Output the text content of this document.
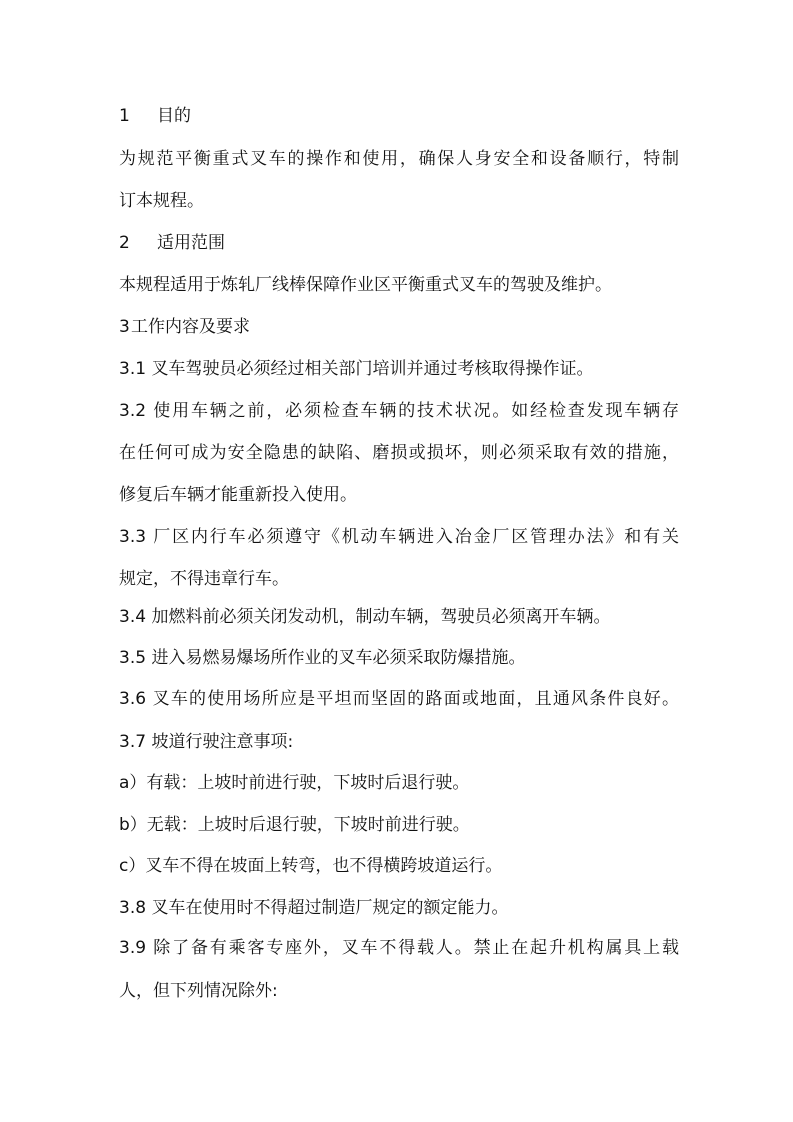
1 目的
为规范平衡重式叉车的操作和使用，确保人身安全和设备顺行，特制
订本规程。
2 适用范围
本规程适用于炼轧厂线棒保障作业区平衡重式叉车的驾驶及维护。
3工作内容及要求
3.1 叉车驾驶员必须经过相关部门培训并通过考核取得操作证。
3.2 使用车辆之前，必须检查车辆的技术状况。如经检查发现车辆存
在任何可成为安全隐患的缺陷、磨损或损坏，则必须采取有效的措施，
修复后车辆才能重新投入使用。
3.3 厂区内行车必须遵守《机动车辆进入冶金厂区管理办法》和有关
规定，不得违章行车。
3.4 加燃料前必须关闭发动机，制动车辆，驾驶员必须离开车辆。
3.5 进入易燃易爆场所作业的叉车必须采取防爆措施。
3.6 叉车的使用场所应是平坦而坚固的路面或地面，且通风条件良好。
3.7 坡道行驶注意事项:
a）有载：上坡时前进行驶，下坡时后退行驶。
b）无载：上坡时后退行驶，下坡时前进行驶。
c）叉车不得在坡面上转弯，也不得横跨坡道运行。
3.8 叉车在使用时不得超过制造厂规定的额定能力。
3.9 除了备有乘客专座外，叉车不得载人。禁止在起升机构属具上载
人，但下列情况除外:
